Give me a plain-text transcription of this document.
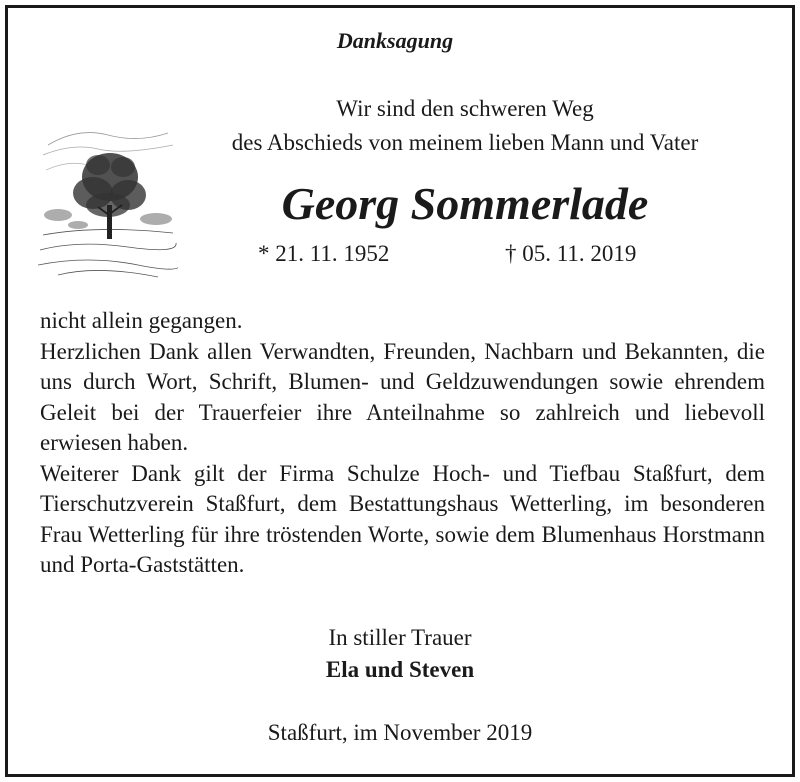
Danksagung
Wir sind den schweren Weg
des Abschieds von meinem lieben Mann und Vater
Georg Sommerlade
* 21. 11. 1952	† 05. 11. 2019

nicht allein gegangen.

Herzlichen Dank allen Verwandten, Freunden, Nachbarn und Bekannten, die uns durch Wort, Schrift, Blumen- und Geldzuwendungen sowie ehrendem Geleit bei der Trauerfeier ihre Anteilnahme so zahlreich und liebevoll erwiesen haben.

Weiterer Dank gilt der Firma Schulze Hoch- und Tiefbau Staßfurt, dem Tierschutzverein Staßfurt, dem Bestattungshaus Wetterling, im besonderen Frau Wetterling für ihre tröstenden Worte, sowie dem Blumenhaus Horstmann und Porta-Gaststätten.

In stiller Trauer
Ela und Steven
Staßfurt, im November 2019
